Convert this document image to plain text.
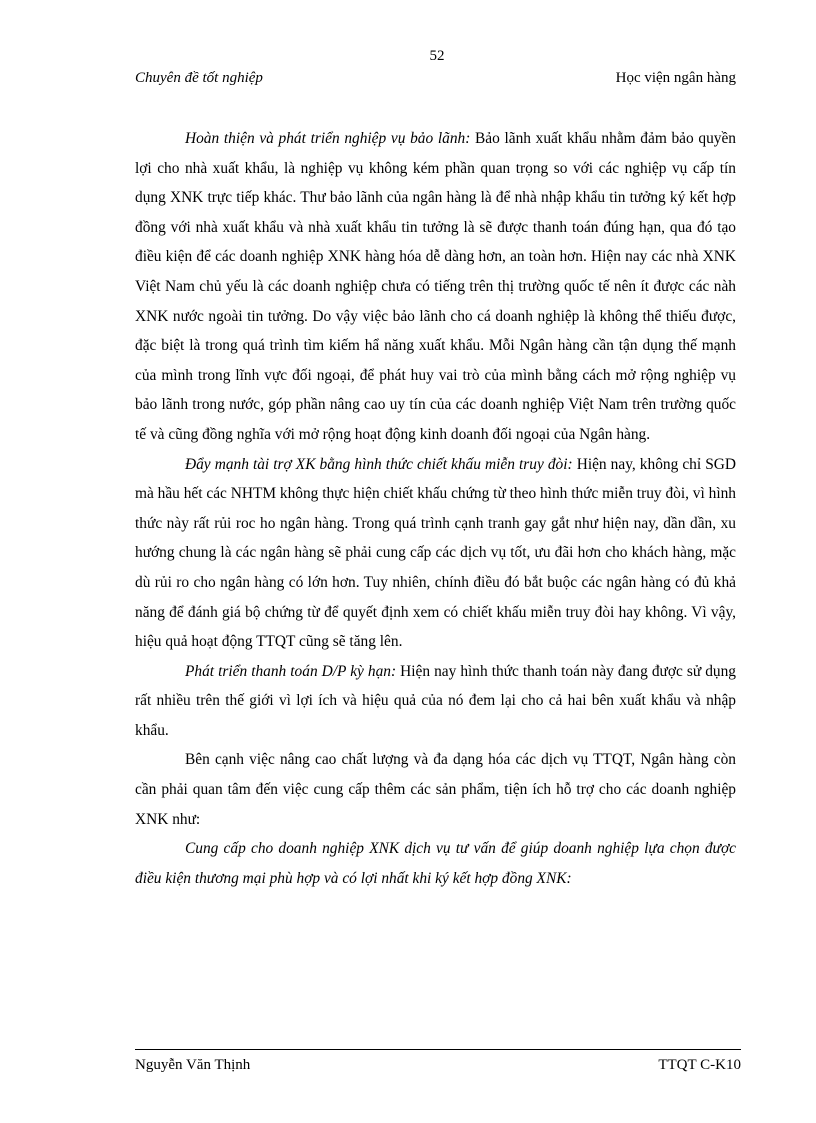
52
Chuyên đề tốt nghiệp	Học viện ngân hàng

Hoàn thiện và phát triển nghiệp vụ bảo lãnh: Bảo lãnh xuất khẩu nhằm đảm bảo quyền lợi cho nhà xuất khẩu, là nghiệp vụ không kém phần quan trọng so với các nghiệp vụ cấp tín dụng XNK trực tiếp khác. Thư bảo lãnh của ngân hàng là để nhà nhập khẩu tin tưởng ký kết hợp đồng với nhà xuất khẩu và nhà xuất khẩu tin tưởng là sẽ được thanh toán đúng hạn, qua đó tạo điều kiện để các doanh nghiệp XNK hàng hóa dễ dàng hơn, an toàn hơn. Hiện nay các nhà XNK Việt Nam chủ yếu là các doanh nghiệp chưa có tiếng trên thị trường quốc tế nên ít được các nàh XNK nước ngoài tin tưởng. Do vậy việc bảo lãnh cho cá doanh nghiệp là không thể thiếu được, đặc biệt là trong quá trình tìm kiếm hẩ năng xuất khẩu. Mỗi Ngân hàng cần tận dụng thế mạnh của mình trong lĩnh vực đối ngoại, để phát huy vai trò của mình bằng cách mở rộng nghiệp vụ bảo lãnh trong nước, góp phần nâng cao uy tín của các doanh nghiệp Việt Nam trên trường quốc tế và cũng đồng nghĩa với mở rộng hoạt động kinh doanh đối ngoại của Ngân hàng.

Đẩy mạnh tài trợ XK bằng hình thức chiết khấu miễn truy đòi: Hiện nay, không chỉ SGD mà hầu hết các NHTM không thực hiện chiết khấu chứng từ theo hình thức miễn truy đòi, vì hình thức này rất rủi roc ho ngân hàng. Trong quá trình cạnh tranh gay gắt như hiện nay, dần dần, xu hướng chung là các ngân hàng sẽ phải cung cấp các dịch vụ tốt, ưu đãi hơn cho khách hàng, mặc dù rủi ro cho ngân hàng có lớn hơn. Tuy nhiên, chính điều đó bắt buộc các ngân hàng có đủ khả năng để đánh giá bộ chứng từ để quyết định xem có chiết khấu miễn truy đòi hay không. Vì vậy, hiệu quả hoạt động TTQT cũng sẽ tăng lên.

Phát triển thanh toán D/P kỳ hạn: Hiện nay hình thức thanh toán này đang được sử dụng rất nhiều trên thế giới vì lợi ích và hiệu quả của nó đem lại cho cả hai bên xuất khẩu và nhập khẩu.

Bên cạnh việc nâng cao chất lượng và đa dạng hóa các dịch vụ TTQT, Ngân hàng còn cần phải quan tâm đến việc cung cấp thêm các sản phẩm, tiện ích hỗ trợ cho các doanh nghiệp XNK như:

Cung cấp cho doanh nghiệp XNK dịch vụ tư vấn để giúp doanh nghiệp lựa chọn được điều kiện thương mại phù hợp và có lợi nhất khi ký kết hợp đồng XNK:

Nguyễn Văn Thịnh	TTQT C-K10
